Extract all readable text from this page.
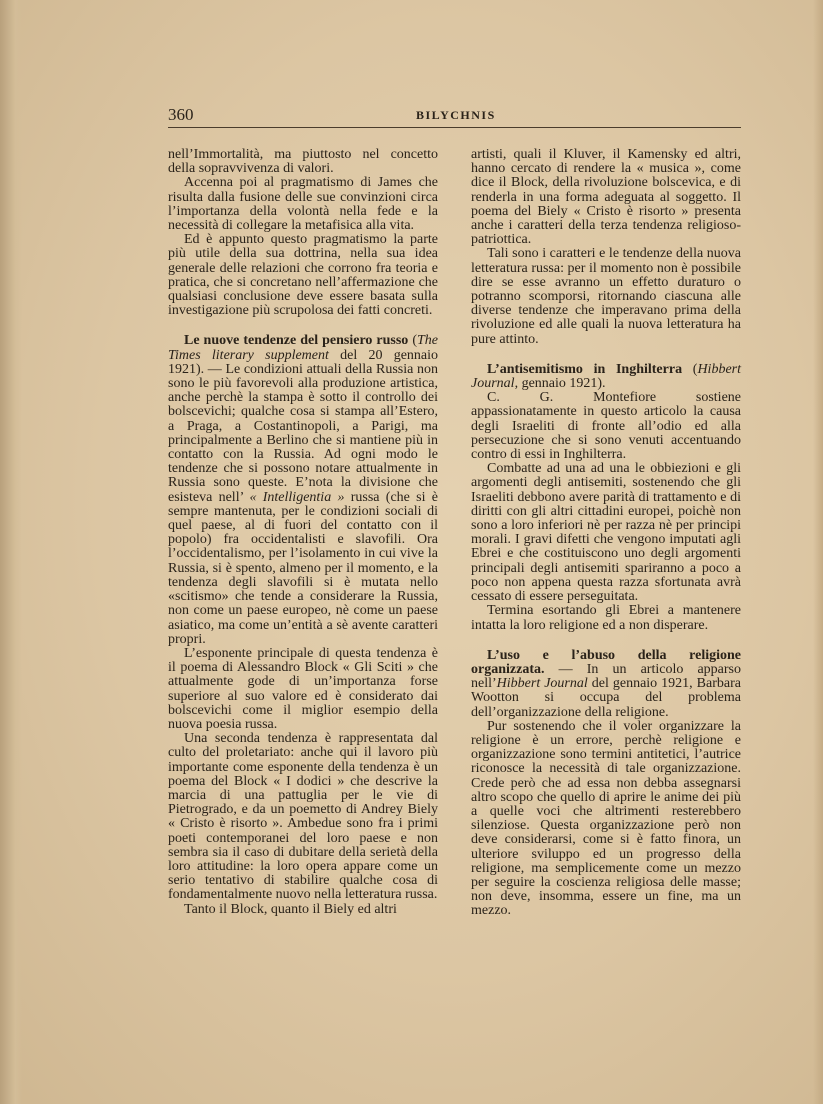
360	BILYCHNIS

nell’Immortalità, ma piuttosto nel concetto della sopravvivenza di valori.

Accenna poi al pragmatismo di James che risulta dalla fusione delle sue convinzioni circa l’importanza della volontà nella fede e la necessità di collegare la metafisica alla vita.

Ed è appunto questo pragmatismo la parte più utile della sua dottrina, nella sua idea generale delle relazioni che corrono fra teoria e pratica, che si concretano nell’affermazione che qualsiasi conclusione deve essere basata sulla investigazione più scrupolosa dei fatti concreti.

Le nuove tendenze del pensiero russo (The Times literary supplement del 20 gennaio 1921). — Le condizioni attuali della Russia non sono le più favorevoli alla produzione artistica, anche perchè la stampa è sotto il controllo dei bolscevichi; qualche cosa si stampa all’Estero, a Praga, a Costantinopoli, a Parigi, ma principalmente a Berlino che si mantiene più in contatto con la Russia. Ad ogni modo le tendenze che si possono notare attualmente in Russia sono queste. E’nota la divisione che esisteva nell’ « Intelligentia » russa (che si è sempre mantenuta, per le condizioni sociali di quel paese, al di fuori del contatto con il popolo) fra occidentalisti e slavofili. Ora l’occidentalismo, per l’isolamento in cui vive la Russia, si è spento, almeno per il momento, e la tendenza degli slavofili si è mutata nello «scitismo» che tende a considerare la Russia, non come un paese europeo, nè come un paese asiatico, ma come un’entità a sè avente caratteri propri.

L’esponente principale di questa tendenza è il poema di Alessandro Block « Gli Sciti » che attualmente gode di un’importanza forse superiore al suo valore ed è considerato dai bolscevichi come il miglior esempio della nuova poesia russa.

Una seconda tendenza è rappresentata dal culto del proletariato: anche qui il lavoro più importante come esponente della tendenza è un poema del Block « I dodici » che descrive la marcia di una pattuglia per le vie di Pietrogrado, e da un poemetto di Andrey Biely « Cristo è risorto ». Ambedue sono fra i primi poeti contemporanei del loro paese e non sembra sia il caso di dubitare della serietà della loro attitudine: la loro opera appare come un serio tentativo di stabilire qualche cosa di fondamentalmente nuovo nella letteratura russa.

Tanto il Block, quanto il Biely ed altri

artisti, quali il Kluver, il Kamensky ed altri, hanno cercato di rendere la « musica », come dice il Block, della rivoluzione bolscevica, e di renderla in una forma adeguata al soggetto. Il poema del Biely « Cristo è risorto » presenta anche i caratteri della terza tendenza religioso-patriottica.

Tali sono i caratteri e le tendenze della nuova letteratura russa: per il momento non è possibile dire se esse avranno un effetto duraturo o potranno scomporsi, ritornando ciascuna alle diverse tendenze che imperavano prima della rivoluzione ed alle quali la nuova letteratura ha pure attinto.

L’antisemitismo in Inghilterra (Hibbert Journal, gennaio 1921).

C. G. Montefiore sostiene appassionatamente in questo articolo la causa degli Israeliti di fronte all’odio ed alla persecuzione che si sono venuti accentuando contro di essi in Inghilterra.

Combatte ad una ad una le obbiezioni e gli argomenti degli antisemiti, sostenendo che gli Israeliti debbono avere parità di trattamento e di diritti con gli altri cittadini europei, poichè non sono a loro inferiori nè per razza nè per principi morali. I gravi difetti che vengono imputati agli Ebrei e che costituiscono uno degli argomenti principali degli antisemiti spariranno a poco a poco non appena questa razza sfortunata avrà cessato di essere perseguitata.

Termina esortando gli Ebrei a mantenere intatta la loro religione ed a non disperare.

L’uso e l’abuso della religione organizzata. — In un articolo apparso nell’Hibbert Journal del gennaio 1921, Barbara Wootton si occupa del problema dell’organizzazione della religione.

Pur sostenendo che il voler organizzare la religione è un errore, perchè religione e organizzazione sono termini antitetici, l’autrice riconosce la necessità di tale organizzazione. Crede però che ad essa non debba assegnarsi altro scopo che quello di aprire le anime dei più a quelle voci che altrimenti resterebbero silenziose. Questa organizzazione però non deve considerarsi, come si è fatto finora, un ulteriore sviluppo ed un progresso della religione, ma semplicemente come un mezzo per seguire la coscienza religiosa delle masse; non deve, insomma, essere un fine, ma un mezzo.
